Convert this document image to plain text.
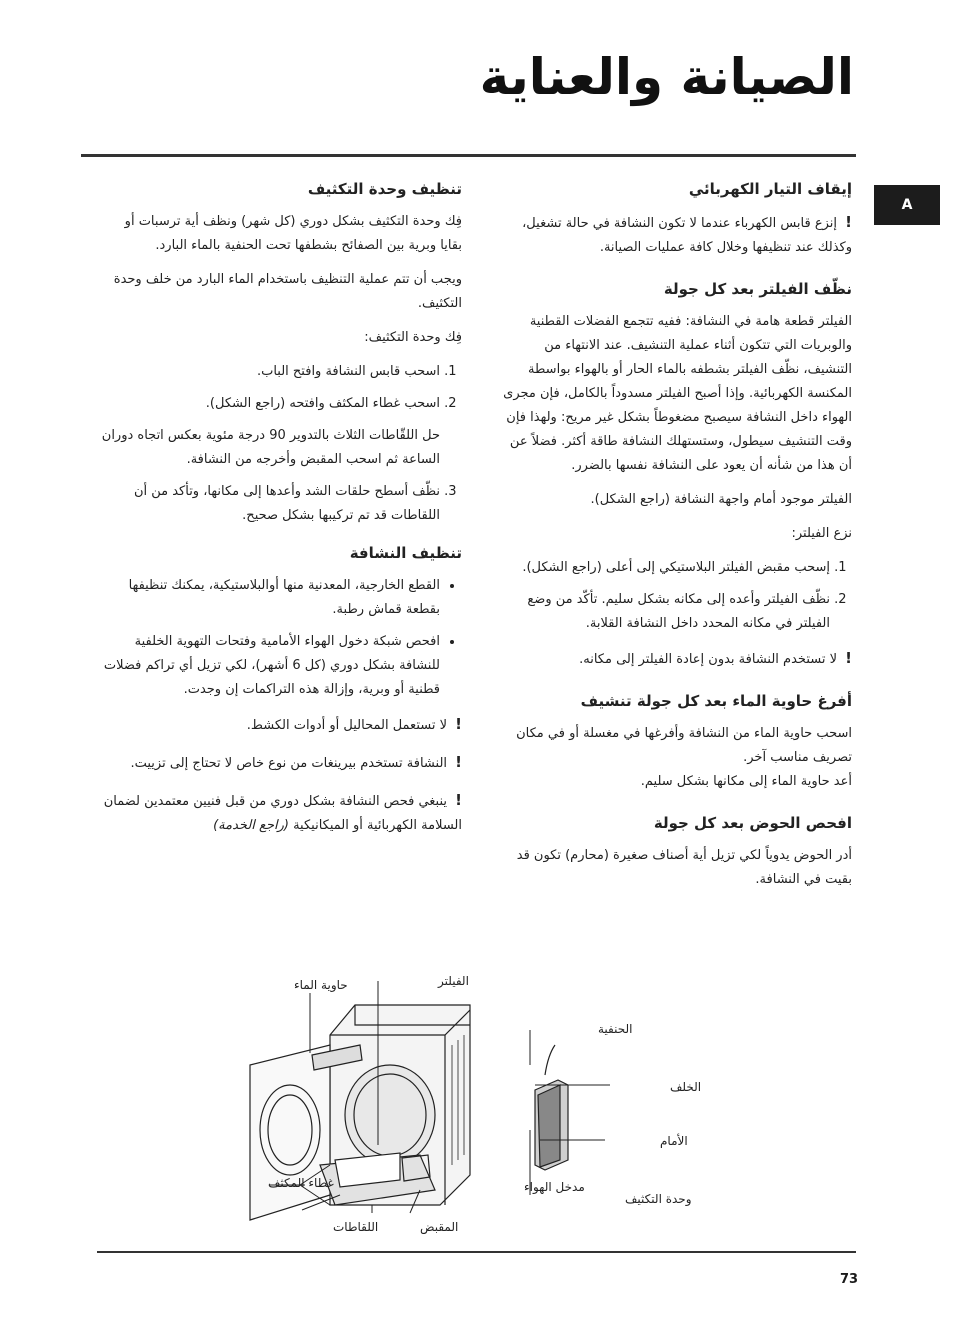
الصيانة والعناية
A
إيقاف التيار الكهربائي
! إنزع قابس الكهرباء عندما لا تكون النشافة في حالة تشغيل، وكذلك عند تنظيفها وخلال كافة عمليات الصيانة.
نظّف الفيلتر بعد كل جولة
الفيلتر قطعة هامة في النشافة: ففيه تتجمع الفضلات القطنية والوبريات التي تتكون أثناء عملية التنشيف. عند الانتهاء من التنشيف، نظّف الفيلتر بشطفه بالماء الحار أو بالهواء بواسطة المكنسة الكهربائية. وإذا أصبح الفيلتر مسدوداً بالكامل، فإن مجرى الهواء داخل النشافة سيصبح مضغوطاً بشكل غير مريح: ولهذا فإن وقت التنشيف سيطول، وستستهلك النشافة طاقة أكثر. فضلاً عن أن هذا من شأنه أن يعود على النشافة نفسها بالضرر.
الفيلتر موجود أمام واجهة النشافة (راجع الشكل).
نزع الفيلتر:
1. إسحب مقبض الفيلتر البلاستيكي إلى أعلى (راجع الشكل).
2. نظّف الفيلتر وأعده إلى مكانه بشكل سليم. تأكّد من وضع الفيلتر في مكانه المحدد داخل النشافة القلابة.
! لا تستخدم النشافة بدون إعادة الفيلتر إلى مكانه.
أفرغ حاوية الماء بعد كل جولة تنشيف
اسحب حاوية الماء من النشافة وأفرغها في مغسلة أو في مكان تصريف مناسب آخر.
أعد حاوية الماء إلى مكانها بشكل سليم.
افحص الحوض بعد كل جولة
أدر الحوض يدوياً لكي تزيل أية أصناف صغيرة (محارم) تكون قد بقيت في النشافة.
تنظيف وحدة التكثيف
فِك وحدة التكثيف بشكل دوري (كل شهر) ونظف أية ترسبات أو بقايا وبرية بين الصفائح بشطفها تحت الحنفية بالماء البارد.
ويجب أن تتم عملية التنظيف باستخدام الماء البارد من خلف وحدة التكثيف.
فِك وحدة التكثيف:
1. اسحب قابس النشافة وافتح الباب.
2. اسحب غطاء المكثف وافتحه (راجع الشكل).
حل اللقّاطات الثلاث بالتدوير 90 درجة مئوية بعكس اتجاه دوران الساعة ثم اسحب المقبض وأخرجه من النشافة.
3. نظّف أسطح حلقات الشد وأعدها إلى مكانها، وتأكد من أن اللقاطات قد تم تركيبها بشكل صحيح.
تنظيف النشافة
• القطع الخارجية، المعدنية منها أوالبلاستيكية، يمكنك تنظيفها بقطعة قماش رطبة.
• افحص شبكة دخول الهواء الأمامية وفتحات التهوية الخلفية للنشافة بشكل دوري (كل 6 أشهر)، لكي تزيل أي تراكم فضلات قطنية أو وبرية، وإزالة هذه التراكمات إن وجدت.
! لا تستعمل المحاليل أو أدوات الكشط.
! النشافة تستخدم بيرينغات من نوع خاص لا تحتاج إلى تزييت.
! ينبغي فحص النشافة بشكل دوري من قبل فنيين معتمدين لضمان السلامة الكهربائية أو الميكانيكية (راجع الخدمة)
حاوية الماء	الفيلتر
غطاء المكثف
اللقاطات	المقبض
مدخل الهواء
الحنفية
الخلف
الأمام
وحدة التكثيف
73
